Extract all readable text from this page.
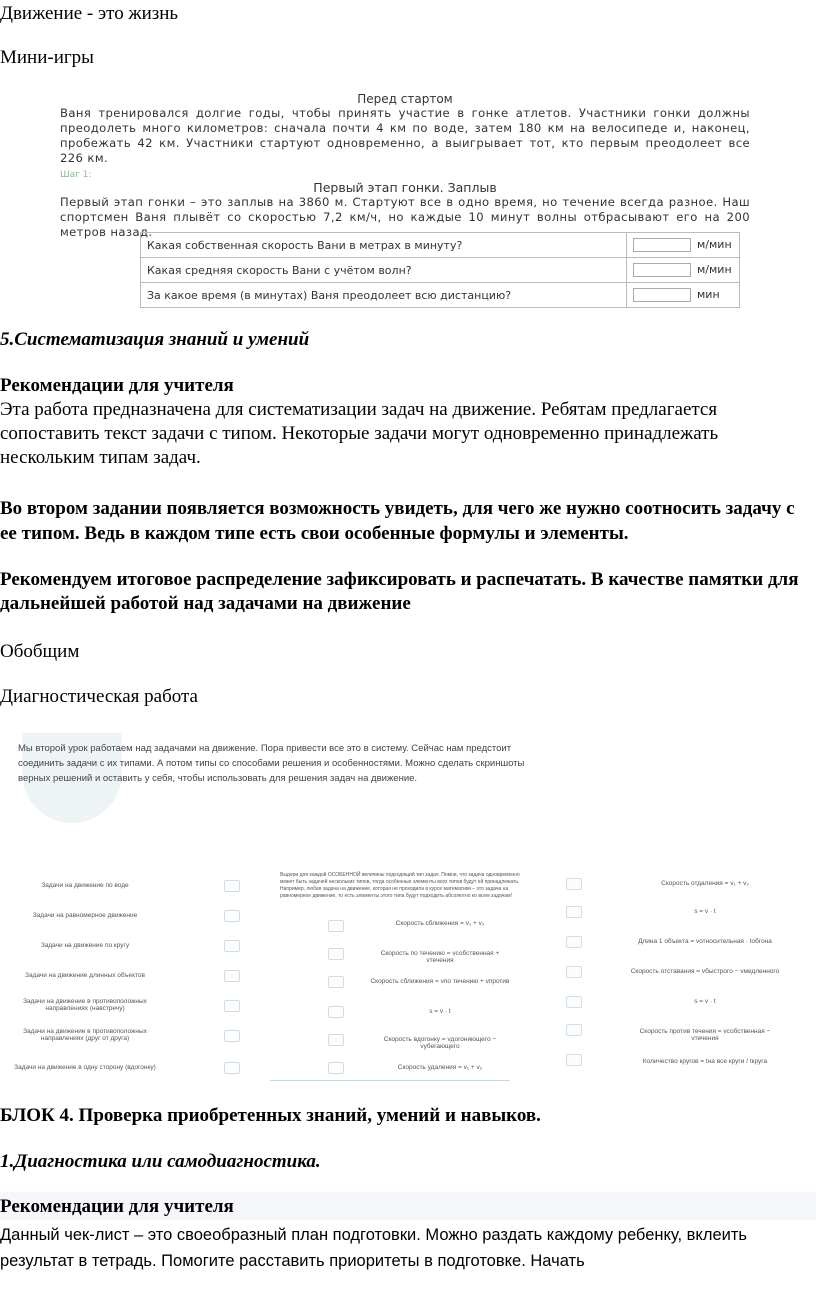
Движение - это жизнь

Мини-игры

Перед стартом

Ваня тренировался долгие годы, чтобы принять участие в гонке атлетов. Участники гонки должны преодолеть много километров: сначала почти 4 км по воде, затем 180 км на велосипеде и, наконец, пробежать 42 км. Участники стартуют одновременно, а выигрывает тот, кто первым преодолеет все 226 км.

Шаг 1:

Первый этап гонки. Заплыв

Первый этап гонки – это заплыв на 3860 м. Стартуют все в одно время, но течение всегда разное. Наш спортсмен Ваня плывёт со скоростью 7,2 км/ч, но каждые 10 минут волны отбрасывают его на 200 метров назад.

Какая собственная скорость Вани в метрах в минуту?	м/мин
Какая средняя скорость Вани с учётом волн?	м/мин
За какое время (в минутах) Ваня преодолеет всю дистанцию?	мин

5.Систематизация знаний и умений

Рекомендации для учителя

Эта работа предназначена для систематизации задач на движение. Ребятам предлагается сопоставить текст задачи с типом. Некоторые задачи могут одновременно принадлежать нескольким типам задач.

Во втором задании появляется возможность увидеть, для чего же нужно соотносить задачу с ее типом. Ведь в каждом типе есть свои особенные формулы и элементы.

Рекомендуем итоговое распределение зафиксировать и распечатать. В качестве памятки для дальнейшей работой над задачами на движение

Обобщим

Диагностическая работа

Мы второй урок работаем над задачами на движение. Пора привести все это в систему. Сейчас нам предстоит соединить задачи с их типами. А потом типы со способами решения и особенностями. Можно сделать скриншоты верных решений и оставить у себя, чтобы использовать для решения задач на движение.

Выдери для каждой ОСОБЕННОЙ величины подходящий тип задач. Помни, что задача одновременно может быть задачей нескольких типов, тогда особенные элементы всех типов будут ей принадлежать. Например, любая задача на движение, которая не проходила в курсе математики – это задача на равномерное движение, то есть элементы этого типа будут подходить абсолютно ко всем задачам!
Задачи на движение по воде
Задачи на равномерное движение
Задачи на движение по кругу
Задачи на движение длинных объектов
Задачи на движение в противоположных направлениях (навстречу)
Задачи на движение в противоположных направлениях (друг от друга)
Задачи на движение в одну сторону (вдогонку)
Скорость сближения = v₁ + v₂
Скорость по течению = vсобственная + vтечения
Скорость сближения = vпо течению + vпротив
s = v · t
Скорость вдогонку = vдогоняющего − vубегающего
Скорость удаления = v₁ + v₂
Скорость отдаления = v₁ + v₂
s = v · t
Длина 1 объекта = vотносительная · tобгона
Скорость отставания = vбыстрого − vмедленного
s = v · t
Скорость против течения = vсобственная − vтечения
Количество кругов = tна все круги / tкруга

БЛОК 4. Проверка приобретенных знаний, умений и навыков.

1.Диагностика или самодиагностика.

Рекомендации для учителя

Данный чек-лист – это своеобразный план подготовки. Можно раздать каждому ребенку, вклеить

результат в тетрадь. Помогите расставить приоритеты в подготовке. Начать
